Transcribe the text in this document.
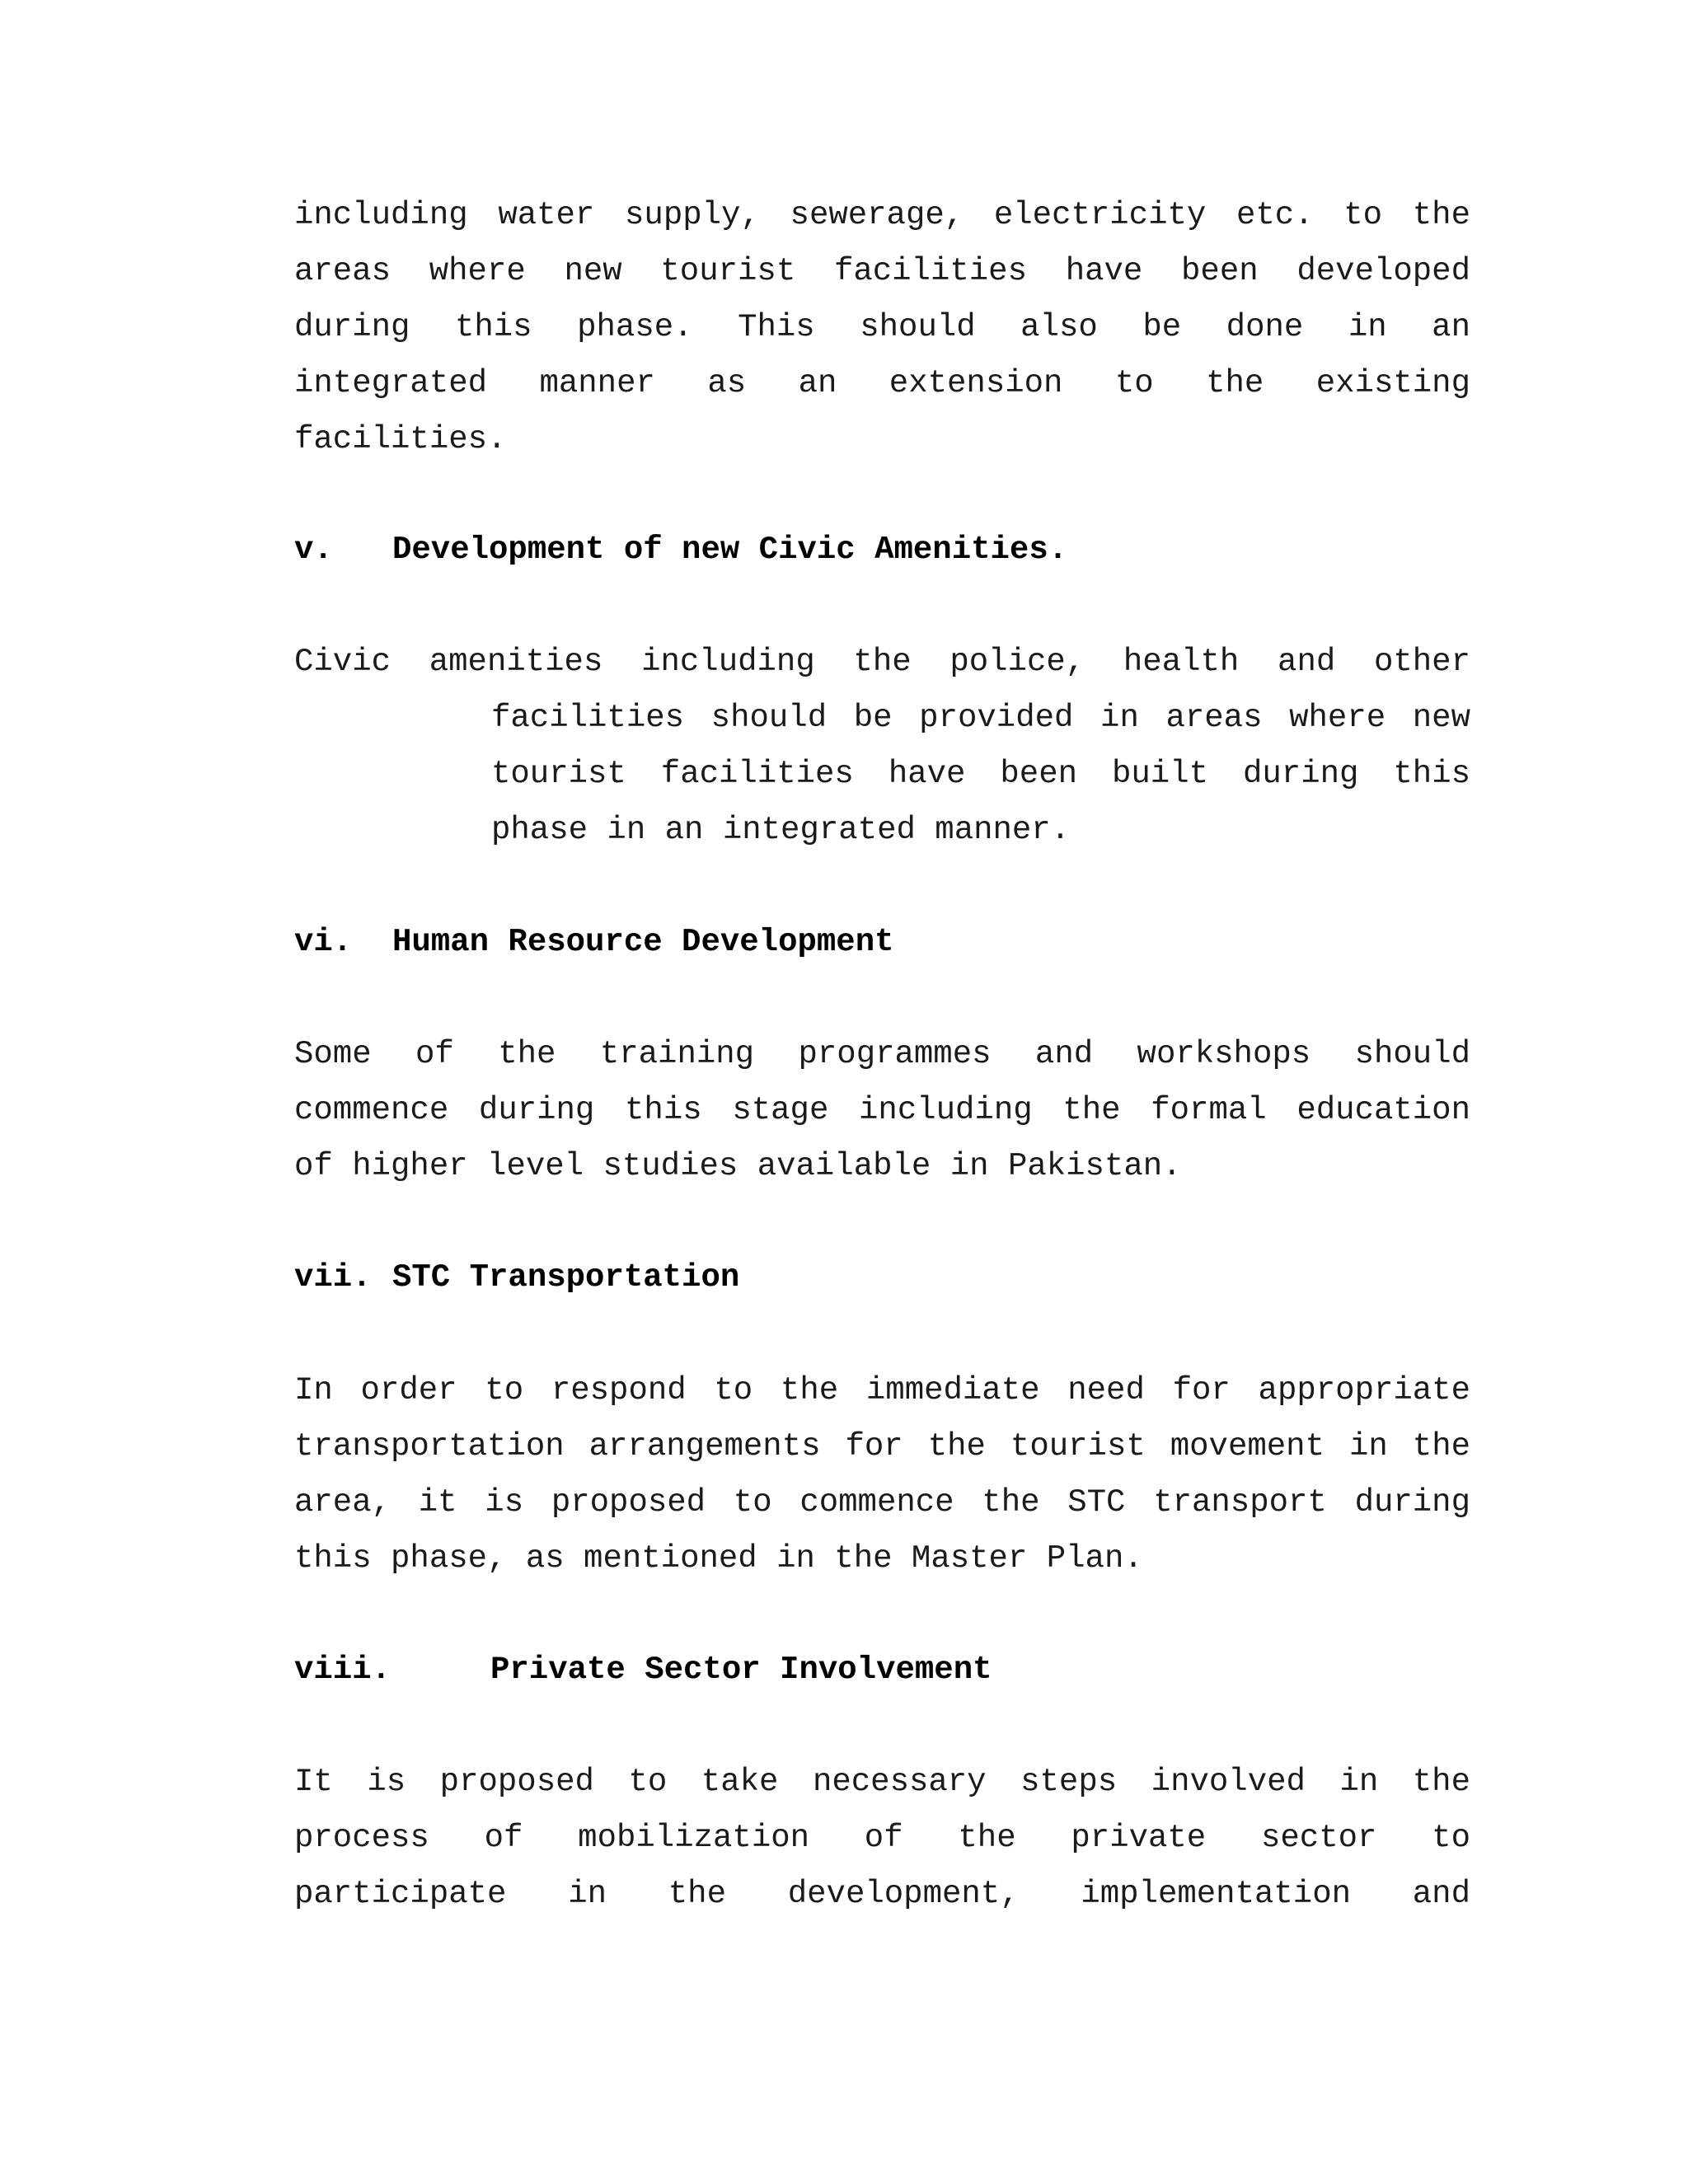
including water supply, sewerage, electricity etc. to the
areas where new tourist facilities have been developed
during this phase. This should also be done in an
integrated manner as an extension to the existing
facilities.
v. Development of new Civic Amenities.
Civic amenities including the police, health and other
facilities should be provided in areas where new
tourist facilities have been built during this
phase in an integrated manner.
vi. Human Resource Development
Some of the training programmes and workshops should
commence during this stage including the formal education
of higher level studies available in Pakistan.
vii. STC Transportation
In order to respond to the immediate need for appropriate
transportation arrangements for the tourist movement in the
area, it is proposed to commence the STC transport during
this phase, as mentioned in the Master Plan.
viii.	Private Sector Involvement
It is proposed to take necessary steps involved in the
process of mobilization of the private sector to
participate in the development, implementation and
